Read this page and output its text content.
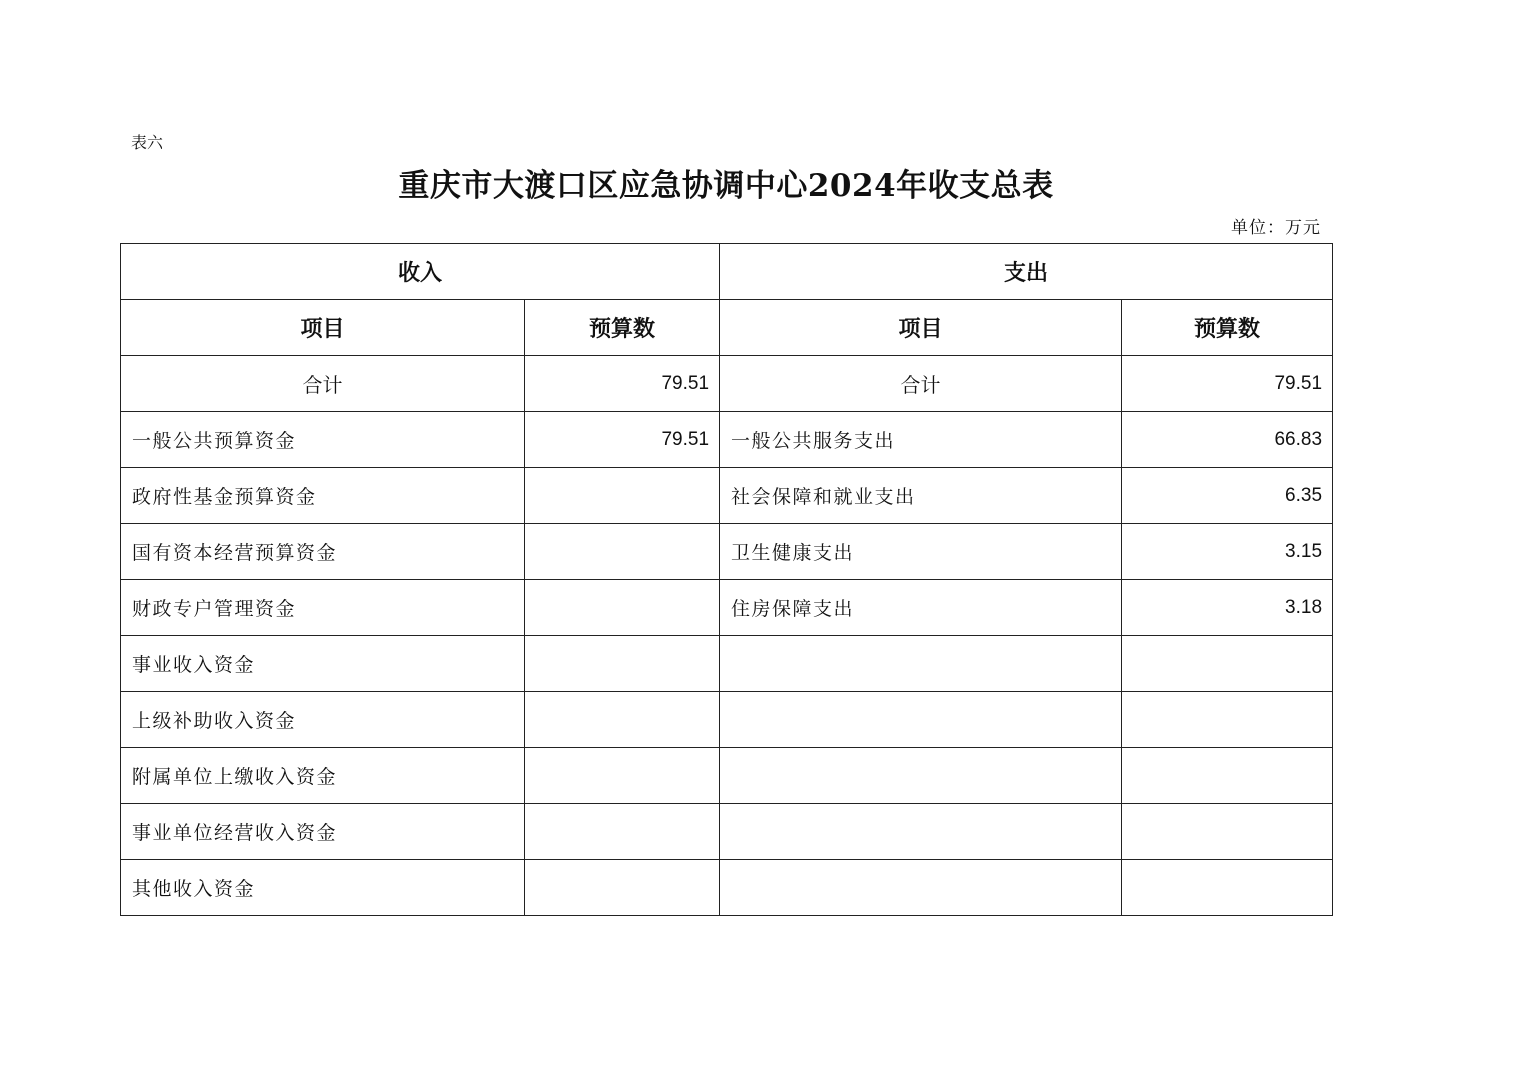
表六
重庆市大渡口区应急协调中心2024年收支总表
单位：万元
收入		支出	
项目	预算数	项目	预算数
合计	79.51	合计	79.51
一般公共预算资金	79.51	一般公共服务支出	66.83
政府性基金预算资金		社会保障和就业支出	6.35
国有资本经营预算资金		卫生健康支出	3.15
财政专户管理资金		住房保障支出	3.18
事业收入资金			
上级补助收入资金			
附属单位上缴收入资金			
事业单位经营收入资金			
其他收入资金			
